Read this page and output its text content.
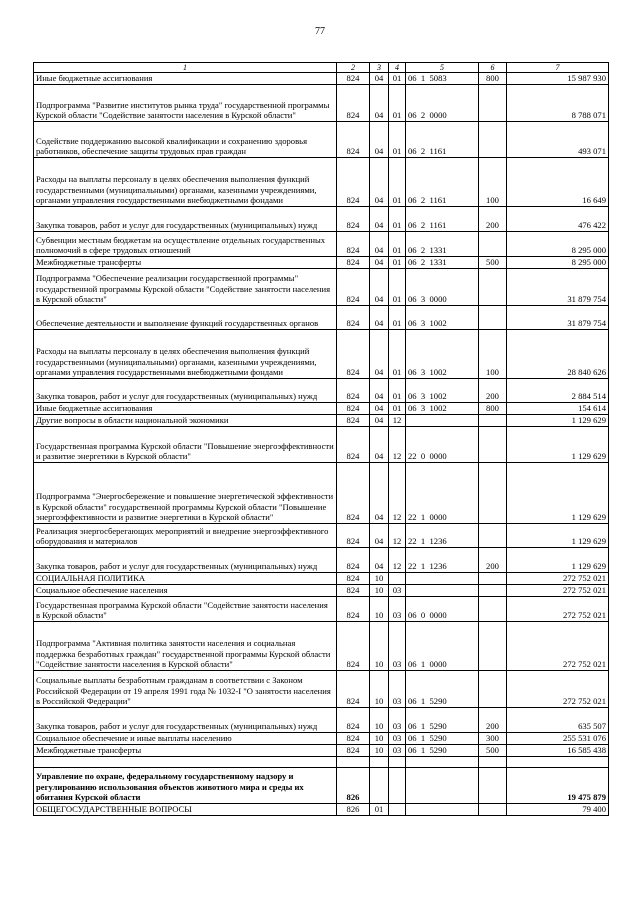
77
1	2	3	4	5	6	7
Иные бюджетные ассигнования	824	04	01	06  1  5083	800	15 987 930
Подпрограмма "Развитие институтов рынка труда" государственной программы Курской области "Содействие занятости населения в Курской области"	824	04	01	06  2  0000		8 788 071
Содействие поддержанию высокой квалификации и сохранению здоровья работников, обеспечение защиты трудовых прав граждан	824	04	01	06  2  1161		493 071
Расходы на выплаты персоналу в целях обеспечения выполнения функций государственными (муниципальными) органами, казенными учреждениями, органами управления государственными внебюджетными фондами	824	04	01	06  2  1161	100	16 649
Закупка товаров, работ и услуг для государственных (муниципальных) нужд	824	04	01	06  2  1161	200	476 422
Субвенции местным бюджетам на осуществление отдельных государственных полномочий в сфере трудовых отношений	824	04	01	06  2  1331		8 295 000
Межбюджетные трансферты	824	04	01	06  2  1331	500	8 295 000
Подпрограмма "Обеспечение реализации государственной программы" государственной программы Курской области "Содействие занятости населения в Курской области"	824	04	01	06  3  0000		31 879 754
Обеспечение деятельности и выполнение функций государственных органов	824	04	01	06  3  1002		31 879 754
Расходы на выплаты персоналу в целях обеспечения выполнения функций государственными (муниципальными) органами, казенными учреждениями, органами управления государственными внебюджетными фондами	824	04	01	06  3  1002	100	28 840 626
Закупка товаров, работ и услуг для государственных (муниципальных) нужд	824	04	01	06  3  1002	200	2 884 514
Иные бюджетные ассигнования	824	04	01	06  3  1002	800	154 614
Другие вопросы в области национальной экономики	824	04	12			1 129 629
Государственная программа Курской области "Повышение энергоэффективности и развитие энергетики в Курской области"	824	04	12	22  0  0000		1 129 629
Подпрограмма "Энергосбережение и повышение энергетической эффективности в Курской области" государственной программы Курской области "Повышение энергоэффективности и развитие энергетики в Курской области"	824	04	12	22  1  0000		1 129 629
Реализация энергосберегающих мероприятий и внедрение энергоэффективного оборудования и материалов	824	04	12	22  1  1236		1 129 629
Закупка товаров, работ и услуг для государственных (муниципальных) нужд	824	04	12	22  1  1236	200	1 129 629
СОЦИАЛЬНАЯ ПОЛИТИКА	824	10				272 752 021
Социальное обеспечение населения	824	10	03			272 752 021
Государственная программа Курской области "Содействие занятости населения в Курской области"	824	10	03	06  0  0000		272 752 021
Подпрограмма "Активная политика занятости населения и социальная поддержка безработных граждан" государственной программы Курской области "Содействие занятости населения в Курской области"	824	10	03	06  1  0000		272 752 021
Социальные выплаты безработным гражданам в соответствии с Законом Российской Федерации от 19 апреля 1991 года № 1032-I "О занятости населения в Российской Федерации"	824	10	03	06  1  5290		272 752 021
Закупка товаров, работ и услуг для государственных (муниципальных) нужд	824	10	03	06  1  5290	200	635 507
Социальное обеспечение и иные выплаты населению	824	10	03	06  1  5290	300	255 531 076
Межбюджетные трансферты	824	10	03	06  1  5290	500	16 585 438

Управление по охране, федеральному государственному надзору и регулированию использования объектов животного мира и среды их обитания Курской области	826					19 475 879
ОБЩЕГОСУДАРСТВЕННЫЕ ВОПРОСЫ	826	01				79 400
